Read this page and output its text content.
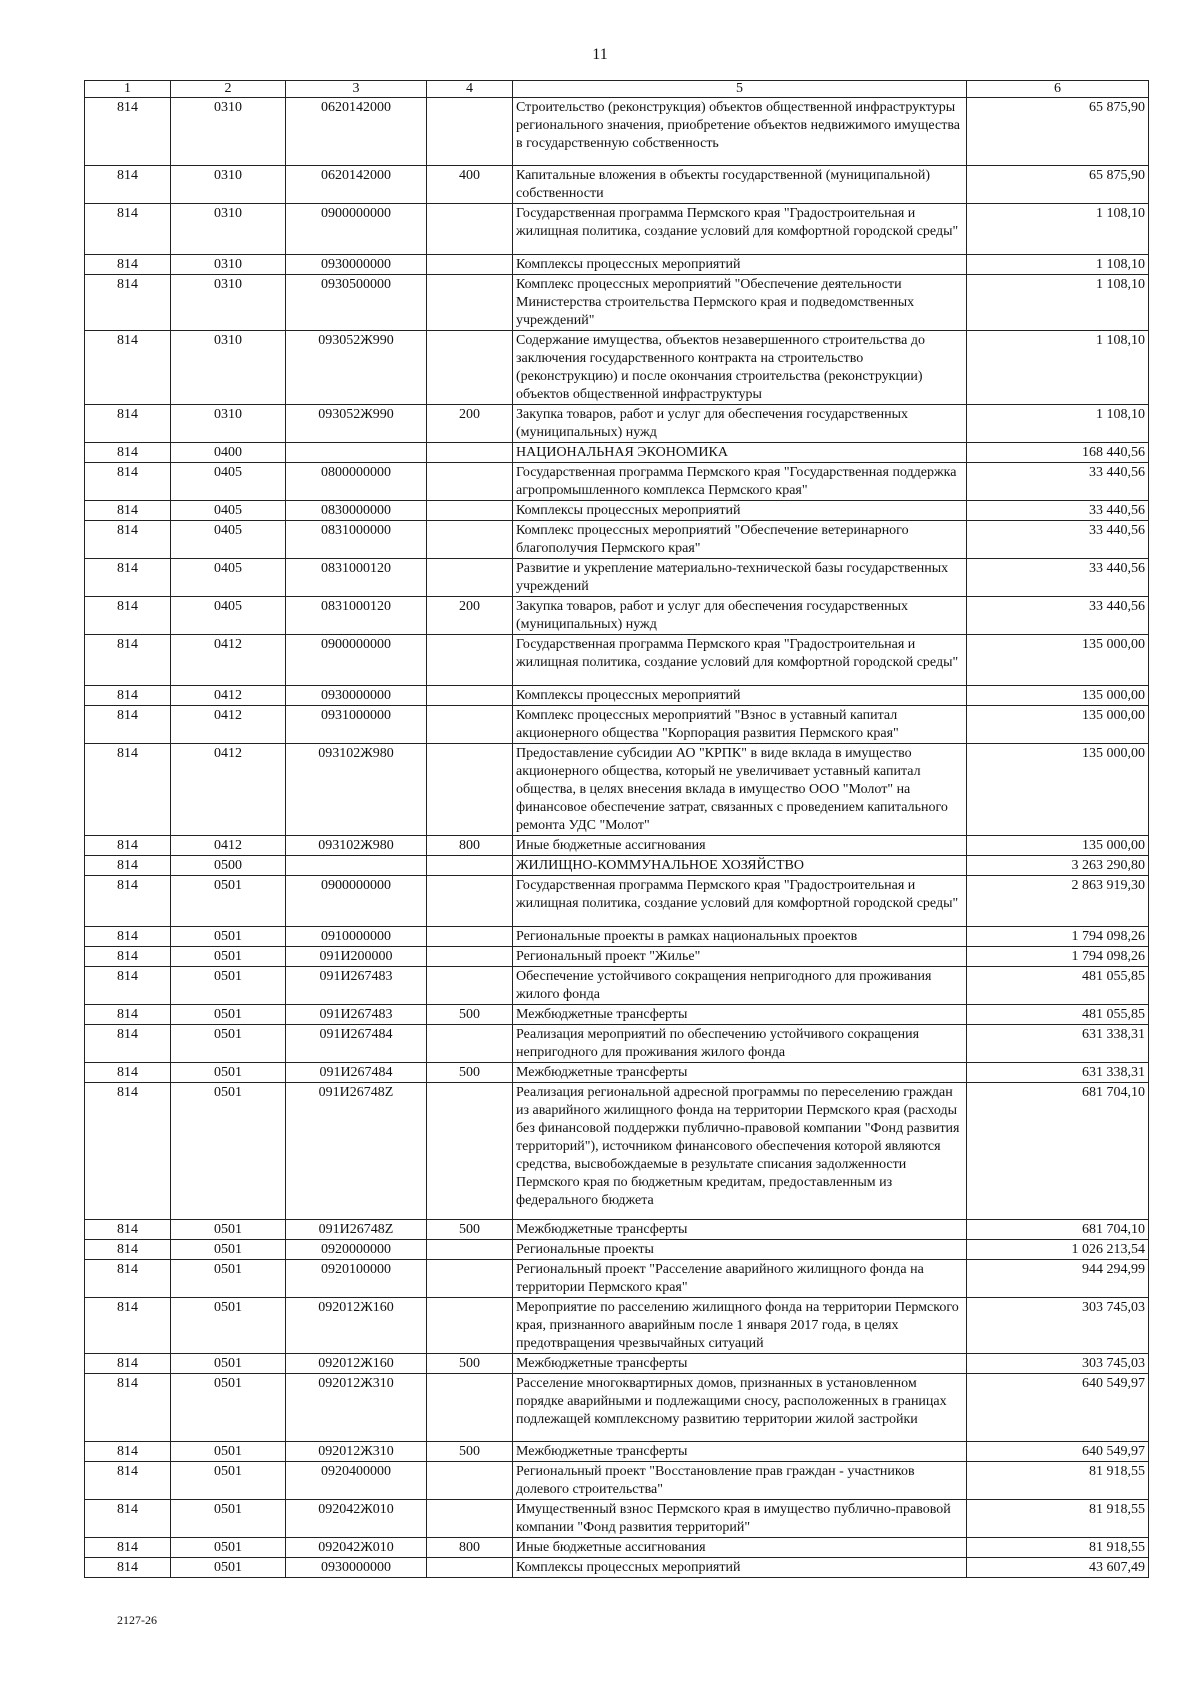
11
1	2	3	4	5	6
814	0310	0620142000		Строительство (реконструкция) объектов общественной инфраструктуры регионального значения, приобретение объектов недвижимого имущества в государственную собственность	65 875,90
814	0310	0620142000	400	Капитальные вложения в объекты государственной (муниципальной) собственности	65 875,90
814	0310	0900000000		Государственная программа Пермского края "Градостроительная и жилищная политика, создание условий для комфортной городской среды"	1 108,10
814	0310	0930000000		Комплексы процессных мероприятий	1 108,10
814	0310	0930500000		Комплекс процессных мероприятий "Обеспечение деятельности Министерства строительства Пермского края и подведомственных учреждений"	1 108,10
814	0310	093052Ж990		Содержание имущества, объектов незавершенного строительства до заключения государственного контракта на строительство (реконструкцию) и после окончания строительства (реконструкции) объектов общественной инфраструктуры	1 108,10
814	0310	093052Ж990	200	Закупка товаров, работ и услуг для обеспечения государственных (муниципальных) нужд	1 108,10
814	0400			НАЦИОНАЛЬНАЯ ЭКОНОМИКА	168 440,56
814	0405	0800000000		Государственная программа Пермского края "Государственная поддержка агропромышленного комплекса Пермского края"	33 440,56
814	0405	0830000000		Комплексы процессных мероприятий	33 440,56
814	0405	0831000000		Комплекс процессных мероприятий "Обеспечение ветеринарного благополучия Пермского края"	33 440,56
814	0405	0831000120		Развитие и укрепление материально-технической базы государственных учреждений	33 440,56
814	0405	0831000120	200	Закупка товаров, работ и услуг для обеспечения государственных (муниципальных) нужд	33 440,56
814	0412	0900000000		Государственная программа Пермского края "Градостроительная и жилищная политика, создание условий для комфортной городской среды"	135 000,00
814	0412	0930000000		Комплексы процессных мероприятий	135 000,00
814	0412	0931000000		Комплекс процессных мероприятий "Взнос в уставный капитал акционерного общества "Корпорация развития Пермского края"	135 000,00
814	0412	093102Ж980		Предоставление субсидии АО "КРПК" в виде вклада в имущество акционерного общества, который не увеличивает уставный капитал общества, в целях внесения вклада в имущество ООО "Молот" на финансовое обеспечение затрат, связанных с проведением капитального ремонта УДС "Молот"	135 000,00
814	0412	093102Ж980	800	Иные бюджетные ассигнования	135 000,00
814	0500			ЖИЛИЩНО-КОММУНАЛЬНОЕ ХОЗЯЙСТВО	3 263 290,80
814	0501	0900000000		Государственная программа Пермского края "Градостроительная и жилищная политика, создание условий для комфортной городской среды"	2 863 919,30
814	0501	0910000000		Региональные проекты в рамках национальных проектов	1 794 098,26
814	0501	091И200000		Региональный проект "Жилье"	1 794 098,26
814	0501	091И267483		Обеспечение устойчивого сокращения непригодного для проживания жилого фонда	481 055,85
814	0501	091И267483	500	Межбюджетные трансферты	481 055,85
814	0501	091И267484		Реализация мероприятий по обеспечению устойчивого сокращения непригодного для проживания жилого фонда	631 338,31
814	0501	091И267484	500	Межбюджетные трансферты	631 338,31
814	0501	091И26748Z		Реализация региональной адресной программы по переселению граждан из аварийного жилищного фонда на территории Пермского края (расходы без финансовой поддержки публично-правовой компании "Фонд развития территорий"), источником финансового обеспечения которой являются средства, высвобождаемые в результате списания задолженности Пермского края по бюджетным кредитам, предоставленным из федерального бюджета	681 704,10
814	0501	091И26748Z	500	Межбюджетные трансферты	681 704,10
814	0501	0920000000		Региональные проекты	1 026 213,54
814	0501	0920100000		Региональный проект "Расселение аварийного жилищного фонда на территории Пермского края"	944 294,99
814	0501	092012Ж160		Мероприятие по расселению жилищного фонда на территории Пермского края, признанного аварийным после 1 января 2017 года, в целях предотвращения чрезвычайных ситуаций	303 745,03
814	0501	092012Ж160	500	Межбюджетные трансферты	303 745,03
814	0501	092012Ж310		Расселение многоквартирных домов, признанных в установленном порядке аварийными и подлежащими сносу, расположенных в границах подлежащей комплексному развитию территории жилой застройки	640 549,97
814	0501	092012Ж310	500	Межбюджетные трансферты	640 549,97
814	0501	0920400000		Региональный проект "Восстановление прав граждан - участников долевого строительства"	81 918,55
814	0501	092042Ж010		Имущественный взнос Пермского края в имущество публично-правовой компании "Фонд развития территорий"	81 918,55
814	0501	092042Ж010	800	Иные бюджетные ассигнования	81 918,55
814	0501	0930000000		Комплексы процессных мероприятий	43 607,49
2127-26
